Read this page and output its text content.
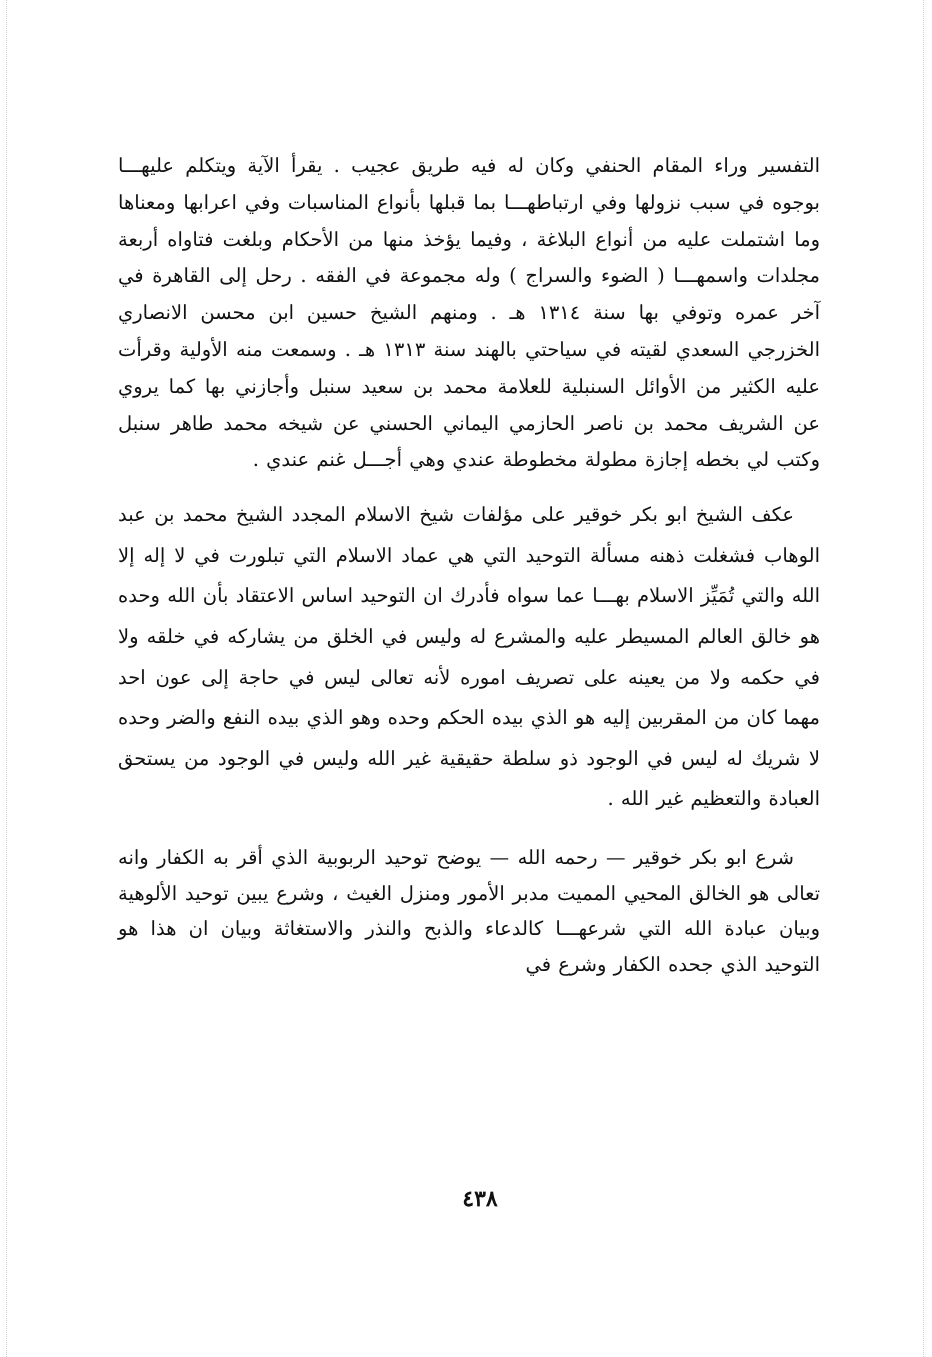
التفسير وراء المقام الحنفي وكان له فيه طريق عجيب . يقرأ الآية ويتكلم عليهـــا بوجوه في سبب نزولها وفي ارتباطهـــا بما قبلها بأنواع المناسبات وفي اعرابها ومعناها وما اشتملت عليه من أنواع البلاغة ، وفيما يؤخذ منها من الأحكام وبلغت فتاواه أربعة مجلدات واسمهـــا ( الضوء والسراج ) وله مجموعة في الفقه . رحل إلى القاهرة في آخر عمره وتوفي بها سنة ١٣١٤ هـ . ومنهم الشيخ حسين ابن محسن الانصاري الخزرجي السعدي لقيته في سياحتي بالهند سنة ١٣١٣ هـ . وسمعت منه الأولية وقرأت عليه الكثير من الأوائل السنبلية للعلامة محمد بن سعيد سنبل وأجازني بها كما يروي عن الشريف محمد بن ناصر الحازمي اليماني الحسني عن شيخه محمد طاهر سنبل وكتب لي بخطه إجازة مطولة مخطوطة عندي وهي أجـــل غنم عندي .

عكف الشيخ ابو بكر خوقير على مؤلفات شيخ الاسلام المجدد الشيخ محمد بن عبد الوهاب فشغلت ذهنه مسألة التوحيد التي هي عماد الاسلام التي تبلورت في لا إله إلا الله والتي تُمَيِّز الاسلام بهـــا عما سواه فأدرك ان التوحيد اساس الاعتقاد بأن الله وحده هو خالق العالم المسيطر عليه والمشرع له وليس في الخلق من يشاركه في خلقه ولا في حكمه ولا من يعينه على تصريف اموره لأنه تعالى ليس في حاجة إلى عون احد مهما كان من المقربين إليه هو الذي بيده الحكم وحده وهو الذي بيده النفع والضر وحده لا شريك له ليس في الوجود ذو سلطة حقيقية غير الله وليس في الوجود من يستحق العبادة والتعظيم غير الله .

شرع ابو بكر خوقير — رحمه الله — يوضح توحيد الربوبية الذي أقر به الكفار وانه تعالى هو الخالق المحيي المميت مدبر الأمور ومنزل الغيث ، وشرع يبين توحيد الألوهية وبيان عبادة الله التي شرعهـــا كالدعاء والذبح والنذر والاستغاثة وبيان ان هذا هو التوحيد الذي جحده الكفار وشرع في

٤٣٨
